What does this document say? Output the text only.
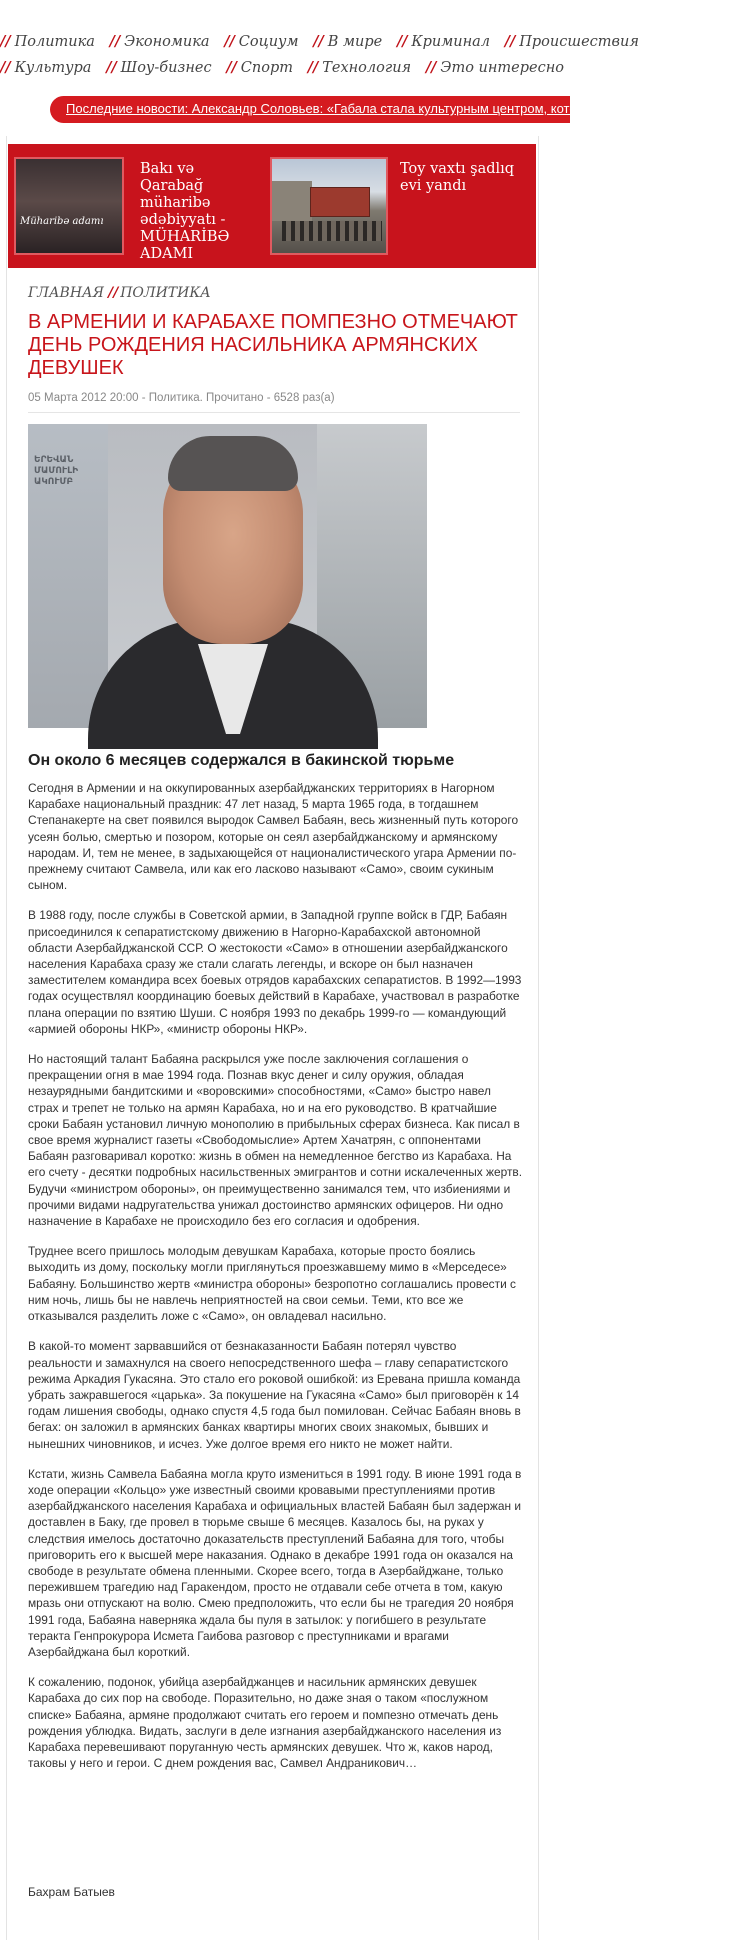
// Политика // Экономика // Социум // В мире // Криминал // Происшествия
// Культура // Шоу-бизнес // Спорт // Технология // Это интересно
Последние новости: Александр Соловьев: «Габала стала культурным центром, которым гордится Азербайджан»
Müharibə adamı
Bakı və Qarabağ müharibə ədəbiyyatı -MÜHARİBƏ ADAMI
Toy vaxtı şadlıq evi yandı
ГЛАВНАЯ // ПОЛИТИКА
В АРМЕНИИ И КАРАБАХЕ ПОМПЕЗНО ОТМЕЧАЮТ ДЕНЬ РОЖДЕНИЯ НАСИЛЬНИКА АРМЯНСКИХ ДЕВУШЕК
05 Марта 2012 20:00 - Политика. Прочитано - 6528 раз(а)
ԵՐԵՎԱՆ
ՄԱՄՈՒԼԻ
ԱԿՈՒՄԲ
Он около 6 месяцев содержался в бакинской тюрьме

Сегодня в Армении и на оккупированных азербайджанских территориях в Нагорном Карабахе национальный праздник: 47 лет назад, 5 марта 1965 года, в тогдашнем Степанакерте на свет появился выродок Самвел Бабаян, весь жизненный путь которого усеян болью, смертью и позором, которые он сеял азербайджанскому и армянскому народам. И, тем не менее, в задыхающейся от националистического угара Армении по-прежнему считают Самвела, или как его ласково называют «Само», своим сукиным сыном.

В 1988 году, после службы в Советской армии, в Западной группе войск в ГДР, Бабаян присоединился к сепаратистскому движению в Нагорно-Карабахской автономной области Азербайджанской ССР. О жестокости «Само» в отношении азербайджанского населения Карабаха сразу же стали слагать легенды, и вскоре он был назначен заместителем командира всех боевых отрядов карабахских сепаратистов. В 1992—1993 годах осуществлял координацию боевых действий в Карабахе, участвовал в разработке плана операции по взятию Шуши. С ноября 1993 по декабрь 1999-го — командующий «армией обороны НКР», «министр обороны НКР».

Но настоящий талант Бабаяна раскрылся уже после заключения соглашения о прекращении огня в мае 1994 года. Познав вкус денег и силу оружия, обладая незаурядными бандитскими и «воровскими» способностями, «Само» быстро навел страх и трепет не только на армян Карабаха, но и на его руководство. В кратчайшие сроки Бабаян установил личную монополию в прибыльных сферах бизнеса. Как писал в свое время журналист газеты «Свободомыслие» Артем Хачатрян, с оппонентами Бабаян разговаривал коротко: жизнь в обмен на немедленное бегство из Карабаха. На его счету - десятки подробных насильственных эмигрантов и сотни искалеченных жертв. Будучи «министром обороны», он преимущественно занимался тем, что избиениями и прочими видами надругательства унижал достоинство армянских офицеров. Ни одно назначение в Карабахе не происходило без его согласия и одобрения.

Труднее всего пришлось молодым девушкам Карабаха, которые просто боялись выходить из дому, поскольку могли приглянуться проезжавшему мимо в «Мерседесе» Бабаяну. Большинство жертв «министра обороны» безропотно соглашались провести с ним ночь, лишь бы не навлечь неприятностей на свои семьи. Теми, кто все же отказывался разделить ложе с «Само», он овладевал насильно.

В какой-то момент зарвавшийся от безнаказанности Бабаян потерял чувство реальности и замахнулся на своего непосредственного шефа – главу сепаратистского режима Аркадия Гукасяна. Это стало его роковой ошибкой: из Еревана пришла команда убрать зажравшегося «царька». За покушение на Гукасяна «Само» был приговорён к 14 годам лишения свободы, однако спустя 4,5 года был помилован. Сейчас Бабаян вновь в бегах: он заложил в армянских банках квартиры многих своих знакомых, бывших и нынешних чиновников, и исчез. Уже долгое время его никто не может найти.

Кстати, жизнь Самвела Бабаяна могла круто измениться в 1991 году. В июне 1991 года в ходе операции «Кольцо» уже известный своими кровавыми преступлениями против азербайджанского населения Карабаха и официальных властей Бабаян был задержан и доставлен в Баку, где провел в тюрьме свыше 6 месяцев. Казалось бы, на руках у следствия имелось достаточно доказательств преступлений Бабаяна для того, чтобы приговорить его к высшей мере наказания. Однако в декабре 1991 года он оказался на свободе в результате обмена пленными. Скорее всего, тогда в Азербайджане, только пережившем трагедию над Гаракендом, просто не отдавали себе отчета в том, какую мразь они отпускают на волю. Смею предположить, что если бы не трагедия 20 ноября 1991 года, Бабаяна наверняка ждала бы пуля в затылок: у погибшего в результате теракта Генпрокурора Исмета Гаибова разговор с преступниками и врагами Азербайджана был короткий.

К сожалению, подонок, убийца азербайджанцев и насильник армянских девушек Карабаха до сих пор на свободе. Поразительно, но даже зная о таком «послужном списке» Бабаяна, армяне продолжают считать его героем и помпезно отмечать день рождения ублюдка. Видать, заслуги в деле изгнания азербайджанского населения из Карабаха перевешивают поруганную честь армянских девушек. Что ж, каков народ, таковы у него и герои. С днем рождения вас, Самвел Андраникович…

Бахрам Батыев
